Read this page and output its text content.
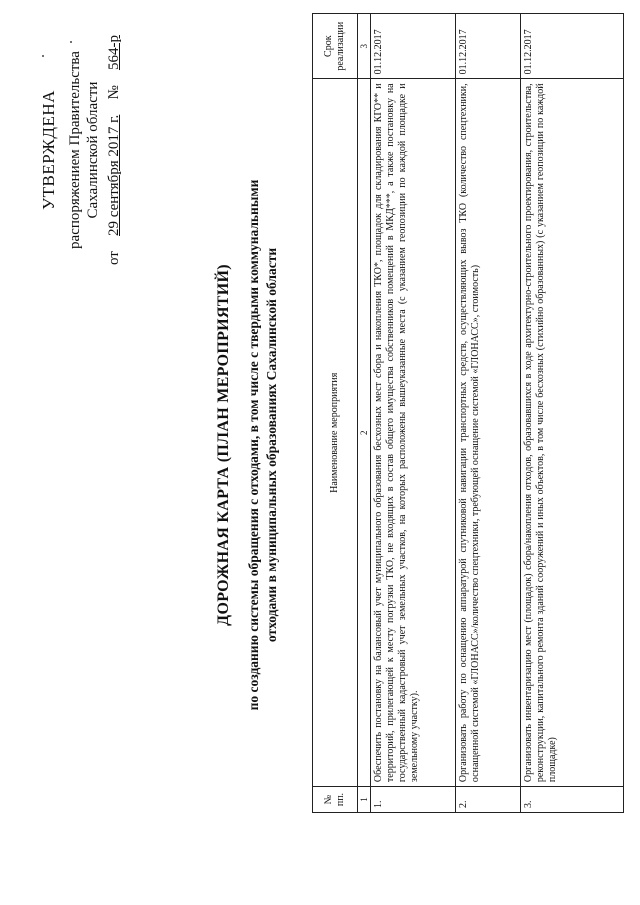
УТВЕРЖДЕНА распоряжением Правительства Сахалинской области
от
29 сентября 2017 г.
№
564-р
ДОРОЖНАЯ КАРТА (ПЛАН МЕРОПРИЯТИЙ) по созданию системы обращения с отходами, в том числе с твердыми коммунальными отходами в муниципальных образованиях Сахалинской области
№ пп.	Наименование мероприятия	Срок реализации
1	2	3
1.	Обеспечить постановку на балансовый учет муниципального образования бесхозных мест сбора и накопления ТКО*, площадок для складирования КГО** и территорий, прилегающей к месту погрузки ТКО, не входящих в состав общего имущества собственников помещений в МКД***, а также постановку на государственный кадастровый учет земельных участков, на которых расположены вышеуказанные места (с указанием геопозиции по каждой площадке и земельному участку).	01.12.2017
2.	Организовать работу по оснащению аппаратурой спутниковой навигации транспортных средств, осуществляющих вывоз ТКО (количество спецтехники, оснащенной системой «ГЛОНАСС»/количество спецтехники, требующей оснащение системой «ГЛОНАСС», стоимость)	01.12.2017
3.	Организовать инвентаризацию мест (площадок) сбора/накопления отходов, образовавшихся в ходе архитектурно-строительного проектирования, строительства, реконструкции, капитального ремонта зданий сооружений и иных объектов, в том числе бесхозных (стихийно образованных) (с указанием геопозиции по каждой площадке)	01.12.2017
